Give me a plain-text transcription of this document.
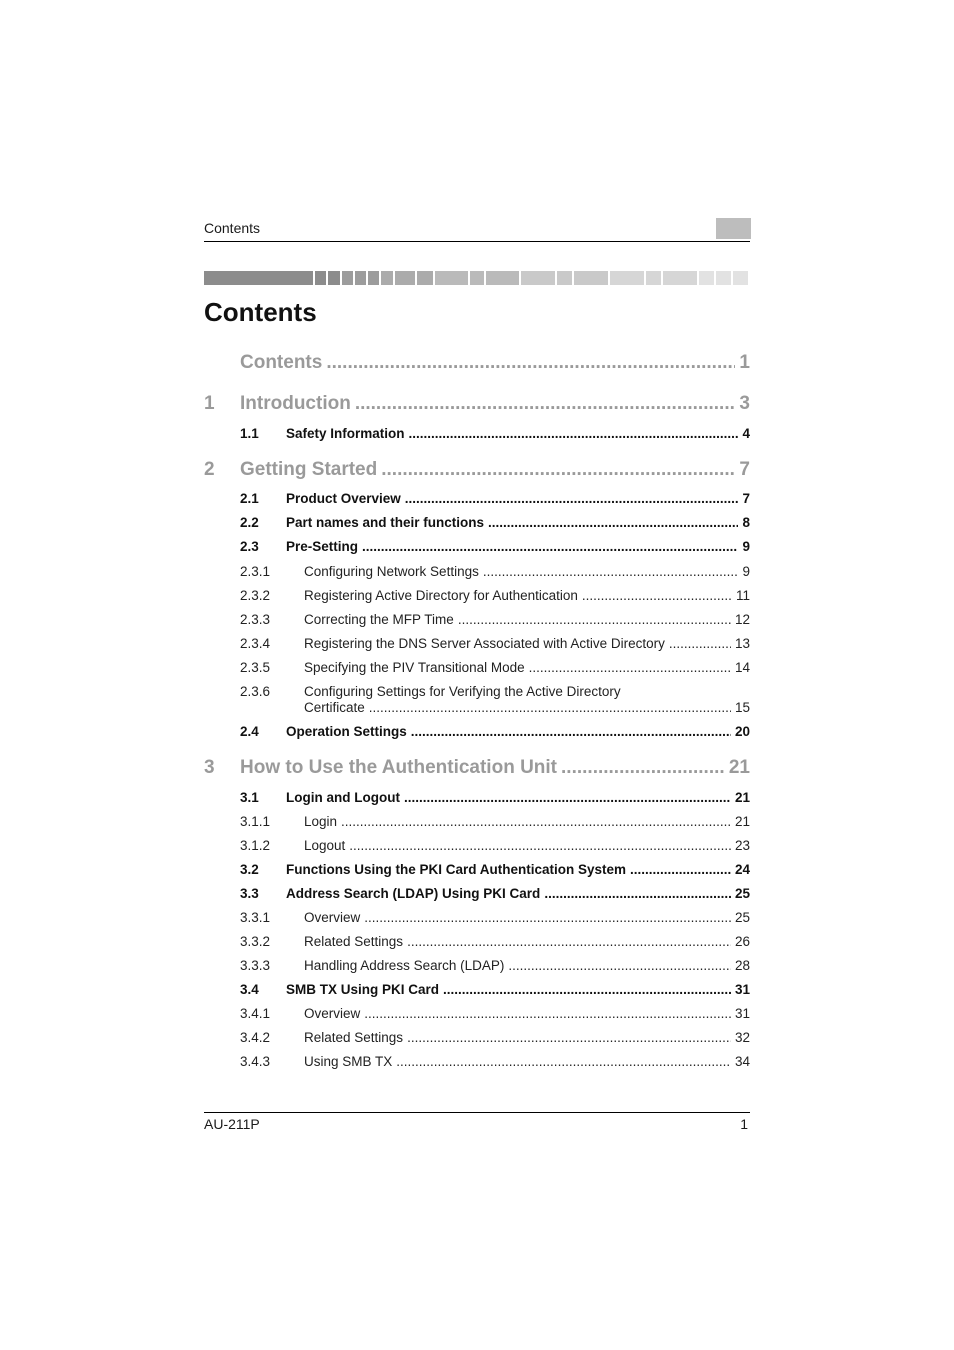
Contents
Contents
Contents .....	1
1 Introduction .....	3
1.1 Safety Information .....	4
2 Getting Started .....	7
2.1 Product Overview .....	7
2.2 Part names and their functions .....	8
2.3 Pre-Setting .....	9
2.3.1	Configuring Network Settings .....	9
2.3.2	Registering Active Directory for Authentication .....	11
2.3.3	Correcting the MFP Time .....	12
2.3.4	Registering the DNS Server Associated with Active Directory .....	13
2.3.5	Specifying the PIV Transitional Mode .....	14
2.3.6	Configuring Settings for Verifying the Active Directory
Certificate .....	15
2.4 Operation Settings .....	20
3 How to Use the Authentication Unit .....	21
3.1 Login and Logout .....	21
3.1.1	Login .....	21
3.1.2	Logout .....	23
3.2 Functions Using the PKI Card Authentication System .....	24
3.3 Address Search (LDAP) Using PKI Card .....	25
3.3.1	Overview .....	25
3.3.2	Related Settings .....	26
3.3.3	Handling Address Search (LDAP) .....	28
3.4 SMB TX Using PKI Card .....	31
3.4.1	Overview .....	31
3.4.2	Related Settings .....	32
3.4.3	Using SMB TX .....	34
AU-211P	1
